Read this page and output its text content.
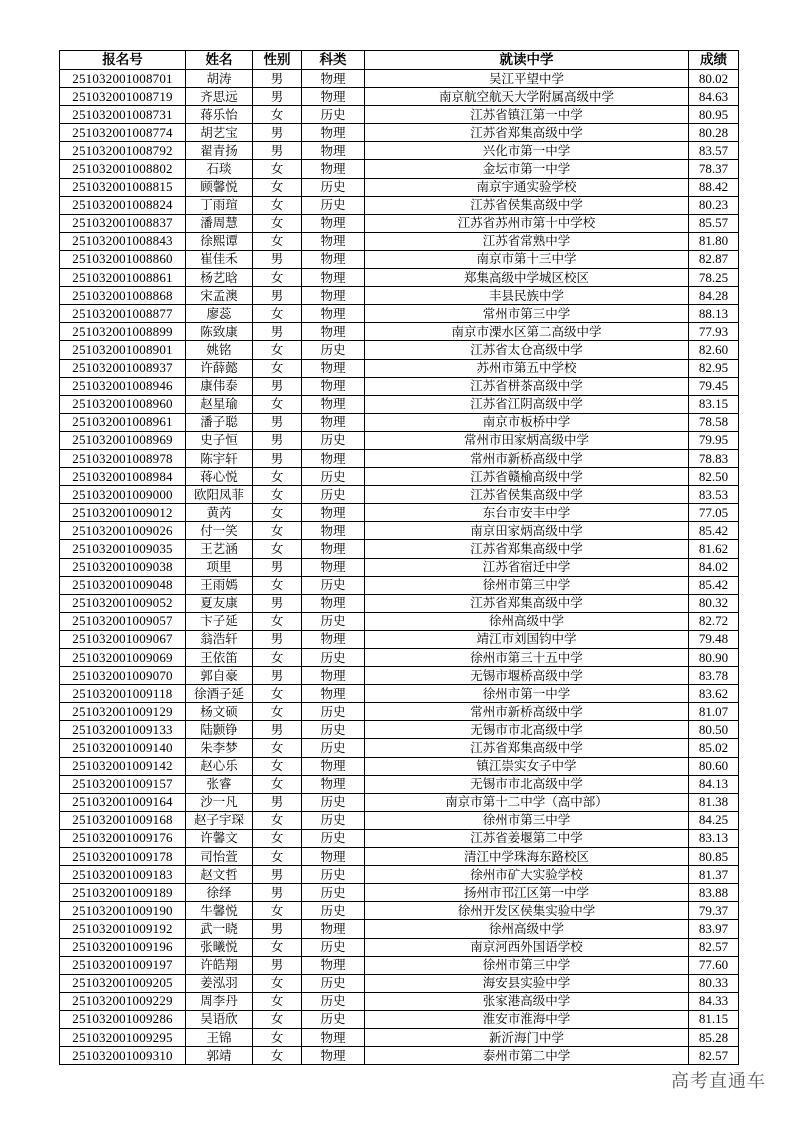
报名号	姓名	性别	科类	就读中学	成绩
251032001008701	胡涛	男	物理	吴江平望中学	80.02
251032001008719	齐思远	男	物理	南京航空航天大学附属高级中学	84.63
251032001008731	蒋乐怡	女	历史	江苏省镇江第一中学	80.95
251032001008774	胡艺宝	男	物理	江苏省郑集高级中学	80.28
251032001008792	翟青扬	男	物理	兴化市第一中学	83.57
251032001008802	石琰	女	物理	金坛市第一中学	78.37
251032001008815	顾馨悦	女	历史	南京宇通实验学校	88.42
251032001008824	丁雨瑄	女	历史	江苏省侯集高级中学	80.23
251032001008837	潘周慧	女	物理	江苏省苏州市第十中学校	85.57
251032001008843	徐熙谭	女	物理	江苏省常熟中学	81.80
251032001008860	崔佳禾	男	物理	南京市第十三中学	82.87
251032001008861	杨艺晗	女	物理	郑集高级中学城区校区	78.25
251032001008868	宋孟澳	男	物理	丰县民族中学	84.28
251032001008877	廖蕊	女	物理	常州市第三中学	88.13
251032001008899	陈致康	男	物理	南京市溧水区第二高级中学	77.93
251032001008901	姚铭	女	历史	江苏省太仓高级中学	82.60
251032001008937	许薛懿	女	物理	苏州市第五中学校	82.95
251032001008946	康伟泰	男	物理	江苏省栟茶高级中学	79.45
251032001008960	赵星瑜	女	物理	江苏省江阴高级中学	83.15
251032001008961	潘子聪	男	物理	南京市板桥中学	78.58
251032001008969	史子恒	男	历史	常州市田家炳高级中学	79.95
251032001008978	陈宇轩	男	物理	常州市新桥高级中学	78.83
251032001008984	蒋心悦	女	历史	江苏省赣榆高级中学	82.50
251032001009000	欧阳凤菲	女	历史	江苏省侯集高级中学	83.53
251032001009012	黄芮	女	物理	东台市安丰中学	77.05
251032001009026	付一笑	女	物理	南京田家炳高级中学	85.42
251032001009035	王艺涵	女	物理	江苏省郑集高级中学	81.62
251032001009038	项里	男	物理	江苏省宿迁中学	84.02
251032001009048	王雨嫣	女	历史	徐州市第三中学	85.42
251032001009052	夏友康	男	物理	江苏省郑集高级中学	80.32
251032001009057	卞子延	女	历史	徐州高级中学	82.72
251032001009067	翁浩轩	男	物理	靖江市刘国钧中学	79.48
251032001009069	王依笛	女	历史	徐州市第三十五中学	80.90
251032001009070	郭自豪	男	物理	无锡市堰桥高级中学	83.78
251032001009118	徐酒子延	女	物理	徐州市第一中学	83.62
251032001009129	杨文硕	女	历史	常州市新桥高级中学	81.07
251032001009133	陆颢铮	男	历史	无锡市市北高级中学	80.50
251032001009140	朱李梦	女	历史	江苏省郑集高级中学	85.02
251032001009142	赵心乐	女	物理	镇江崇实女子中学	80.60
251032001009157	张睿	女	物理	无锡市市北高级中学	84.13
251032001009164	沙一凡	男	历史	南京市第十二中学（高中部）	81.38
251032001009168	赵子宇琛	女	历史	徐州市第三中学	84.25
251032001009176	许馨文	女	历史	江苏省姜堰第二中学	83.13
251032001009178	司怡萱	女	物理	清江中学珠海东路校区	80.85
251032001009183	赵文哲	男	历史	徐州市矿大实验学校	81.37
251032001009189	徐绎	男	历史	扬州市邗江区第一中学	83.88
251032001009190	牛馨悦	女	历史	徐州开发区侯集实验中学	79.37
251032001009192	武一晓	男	物理	徐州高级中学	83.97
251032001009196	张曦悦	女	历史	南京河西外国语学校	82.57
251032001009197	许皓翔	男	物理	徐州市第三中学	77.60
251032001009205	姜泓羽	女	历史	海安县实验中学	80.33
251032001009229	周李丹	女	历史	张家港高级中学	84.33
251032001009286	吴语欣	女	历史	淮安市淮海中学	81.15
251032001009295	王锦	女	物理	新沂海门中学	85.28
251032001009310	郭靖	女	物理	泰州市第二中学	82.57
高考直通车
